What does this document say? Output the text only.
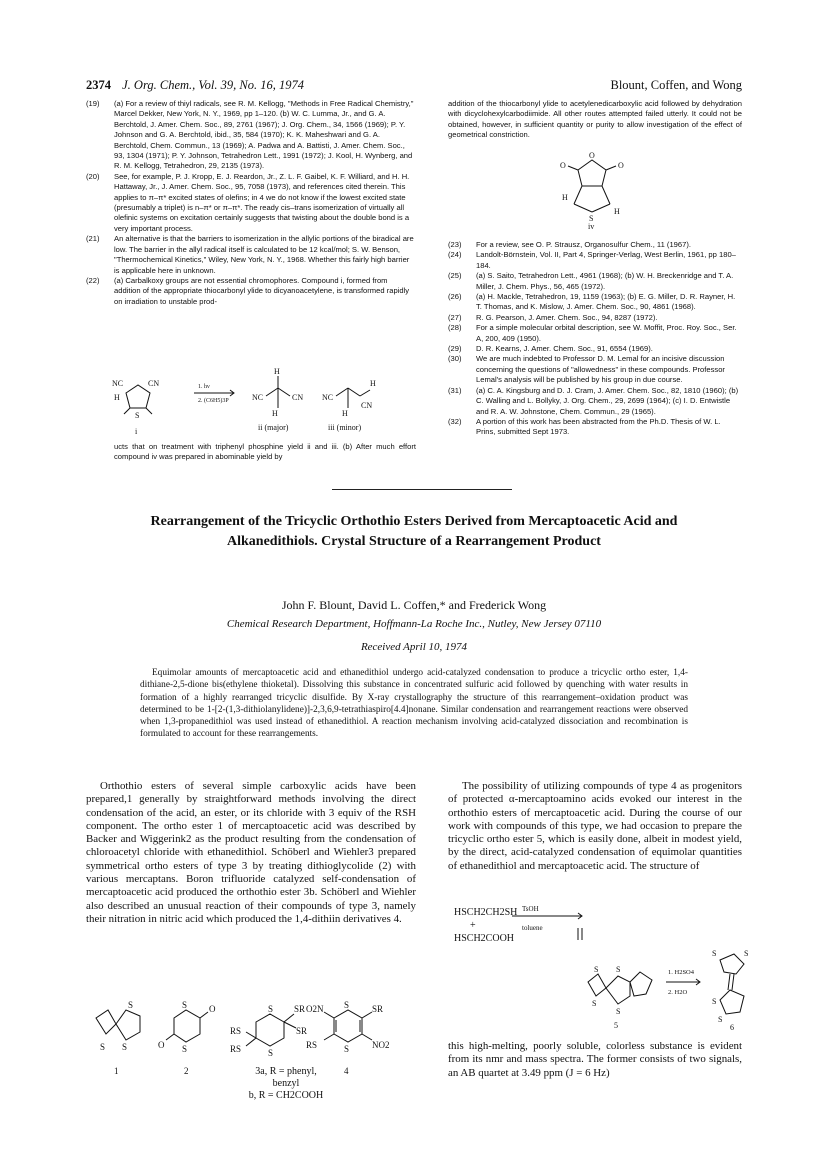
2374 J. Org. Chem., Vol. 39, No. 16, 1974	Blount, Coffen, and Wong
(19)	(a) For a review of thiyl radicals, see R. M. Kellogg, "Methods in Free Radical Chemistry," Marcel Dekker, New York, N. Y., 1969, pp 1–120. (b) W. C. Lumma, Jr., and G. A. Berchtold, J. Amer. Chem. Soc., 89, 2761 (1967); J. Org. Chem., 34, 1566 (1969); P. Y. Johnson and G. A. Berchtold, ibid., 35, 584 (1970); K. K. Maheshwari and G. A. Berchtold, Chem. Commun., 13 (1969); A. Padwa and A. Battisti, J. Amer. Chem. Soc., 93, 1304 (1971); P. Y. Johnson, Tetrahedron Lett., 1991 (1972); J. Kool, H. Wynberg, and R. M. Kellogg, Tetrahedron, 29, 2135 (1973).
(20)	See, for example, P. J. Kropp, E. J. Reardon, Jr., Z. L. F. Gaibel, K. F. Williard, and H. H. Hattaway, Jr., J. Amer. Chem. Soc., 95, 7058 (1973), and references cited therein. This applies to π–π* excited states of olefins; in 4 we do not know if the lowest excited state (presumably a triplet) is n–π* or π–π*. The ready cis–trans isomerization of virtually all olefinic systems on excitation certainly suggests that twisting about the double bond is a very important process.
(21)	An alternative is that the barriers to isomerization in the allylic portions of the biradical are low. The barrier in the allyl radical itself is calculated to be 12 kcal/mol; S. W. Benson, "Thermochemical Kinetics," Wiley, New York, N. Y., 1968. Whether this fairly high barrier is applicable here in unknown.
(22)	(a) Carbalkoxy groups are not essential chromophores. Compound i, formed from addition of the appropriate thiocarbonyl ylide to dicyanoacetylene, is transformed rapidly on irradiation to unstable prod-
NC	CN
H
S
i
1. hν
2. (C6H5)3P
H
NC	CN
H
ii (major)
NC
H
CN
H
iii (minor)
ucts that on treatment with triphenyl phosphine yield ii and iii. (b) After much effort compound iv was prepared in abominable yield by
addition of the thiocarbonyl ylide to acetylenedicarboxylic acid followed by dehydration with dicyclohexylcarbodiimide. All other routes attempted failed utterly. It could not be obtained, however, in sufficient quantity or purity to allow investigation of the effect of geometrical constriction.
O
O	O
S
H
H
iv
(23)	For a review, see O. P. Strausz, Organosulfur Chem., 11 (1967).
(24)	Landolt-Börnstein, Vol. II, Part 4, Springer-Verlag, West Berlin, 1961, pp 180–184.
(25)	(a) S. Saito, Tetrahedron Lett., 4961 (1968); (b) W. H. Breckenridge and T. A. Miller, J. Chem. Phys., 56, 465 (1972).
(26)	(a) H. Mackle, Tetrahedron, 19, 1159 (1963); (b) E. G. Miller, D. R. Rayner, H. T. Thomas, and K. Mislow, J. Amer. Chem. Soc., 90, 4861 (1968).
(27)	R. G. Pearson, J. Amer. Chem. Soc., 94, 8287 (1972).
(28)	For a simple molecular orbital description, see W. Moffit, Proc. Roy. Soc., Ser. A, 200, 409 (1950).
(29)	D. R. Kearns, J. Amer. Chem. Soc., 91, 6554 (1969).
(30)	We are much indebted to Professor D. M. Lemal for an incisive discussion concerning the questions of "allowedness" in these compounds. Professor Lemal's analysis will be published by his group in due course.
(31)	(a) C. A. Kingsburg and D. J. Cram, J. Amer. Chem. Soc., 82, 1810 (1960); (b) C. Walling and L. Bollyky, J. Org. Chem., 29, 2699 (1964); (c) I. D. Entwistle and R. A. W. Johnstone, Chem. Commun., 29 (1965).
(32)	A portion of this work has been abstracted from the Ph.D. Thesis of W. L. Prins, submitted Sept 1973.
Rearrangement of the Tricyclic Orthothio Esters Derived from Mercaptoacetic Acid and Alkanedithiols. Crystal Structure of a Rearrangement Product
John F. Blount, David L. Coffen,* and Frederick Wong
Chemical Research Department, Hoffmann-La Roche Inc., Nutley, New Jersey 07110
Received April 10, 1974
Equimolar amounts of mercaptoacetic acid and ethanedithiol undergo acid-catalyzed condensation to produce a tricyclic ortho ester, 1,4-dithiane-2,5-dione bis(ethylene thioketal). Dissolving this substance in concentrated sulfuric acid followed by quenching with water results in formation of a highly rearranged tricyclic disulfide. By X-ray crystallography the structure of this rearrangement–oxidation product was determined to be 1-[2-(1,3-dithiolanylidene)]-2,3,6,9-tetrathiaspiro[4.4]nonane. Similar condensation and rearrangement reactions were observed when 1,3-propanedithiol was used instead of ethanedithiol. A reaction mechanism involving acid-catalyzed dissociation and recombination is formulated to account for these rearrangements.

Orthothio esters of several simple carboxylic acids have been prepared,1 generally by straightforward methods involving the direct condensation of the acid, an ester, or its chloride with 3 equiv of the RSH component. The ortho ester 1 of mercaptoacetic acid was described by Backer and Wiggerink2 as the product resulting from the condensation of chloroacetyl chloride with ethanedithiol. Schöberl and Wiehler3 prepared symmetrical ortho esters of type 3 by treating dithioglycolide (2) with various mercaptans. Boron trifluoride catalyzed self-condensation of mercaptoacetic acid produced the orthothio ester 3b. Schöberl and Wiehler also described an unusual reaction of their compounds of type 3, namely their nitration in nitric acid which produced the 1,4-dithiin derivatives 4.

The possibility of utilizing compounds of type 4 as progenitors of protected α-mercaptoamino acids evoked our interest in the orthothio esters of mercaptoacetic acid. During the course of our work with compounds of this type, we had occasion to prepare the tricyclic ortho ester 5, which is easily done, albeit in modest yield, by the direct, acid-catalyzed condensation of equimolar quantities of ethanedithiol and mercaptoacetic acid. The structure of

S
S
S
1
S
S
O
O
2
SR
SR
RS
RS
S
S
S
S
SR
NO2
O2N
RS
4
3a, R = phenyl,
benzyl
b, R = CH2COOH
HSCH2CH2SH
+
HSCH2COOH
TsOH
toluene
S S
S
S
5
1. H2SO4
2. H2O
S	S
S
S
6

this high-melting, poorly soluble, colorless substance is evident from its nmr and mass spectra. The former consists of two signals, an AB quartet at 3.49 ppm (J = 6 Hz)
